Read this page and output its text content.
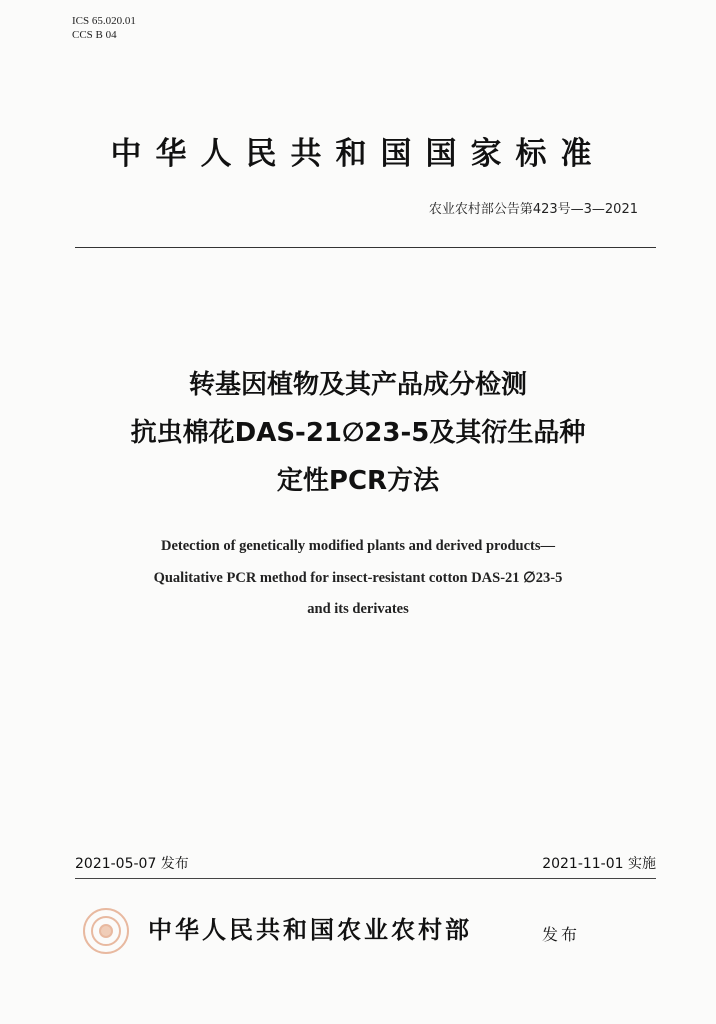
ICS 65.020.01
CCS B 04
中华人民共和国国家标准
农业农村部公告第423号—3—2021
转基因植物及其产品成分检测
抗虫棉花DAS-21∅23-5及其衍生品种
定性PCR方法
Detection of genetically modified plants and derived products—
Qualitative PCR method for insect-resistant cotton DAS-21 ∅23-5
and its derivates
2021-05-07 发布	2021-11-01 实施
中华人民共和国农业农村部	发布
